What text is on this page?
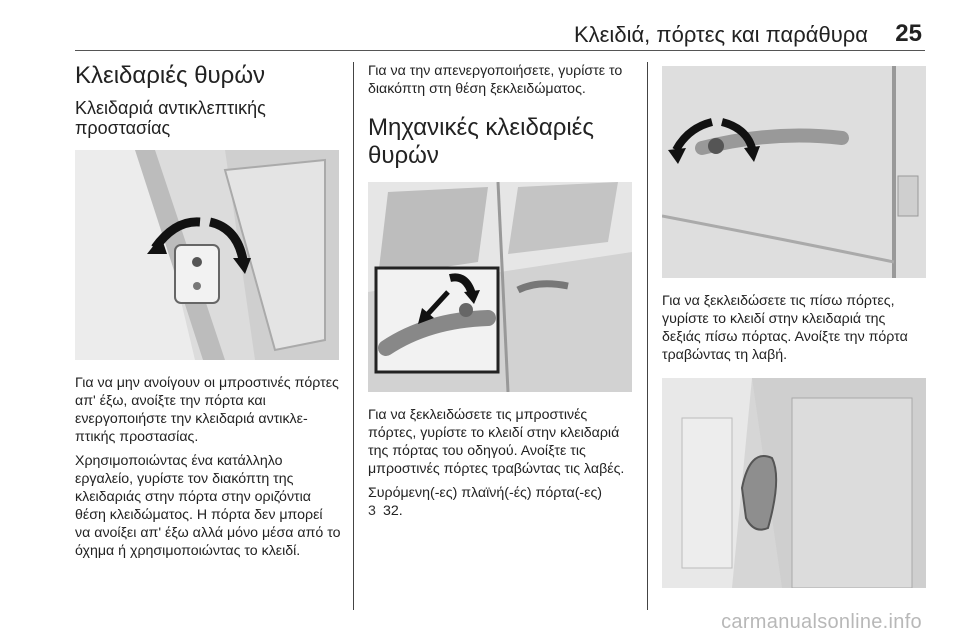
Κλειδιά, πόρτες και παράθυρα 25
Κλειδαριές θυρών
Κλειδαριά αντικλεπτικής
προστασίας

Για να μην ανοίγουν οι μπροστινές πόρτες απ' έξω, ανοίξτε την πόρτα και ενεργοποιήστε την κλειδαριά αντικλεπτικής προστασίας.

Χρησιμοποιώντας ένα κατάλληλο εργαλείο, γυρίστε τον διακόπτη της κλειδαριάς στην πόρτα στην οριζόντια θέση κλειδώματος. Η πόρτα δεν μπορεί να ανοίξει απ' έξω αλλά μόνο μέσα από το όχημα ή χρησιμοποιώντας το κλειδί.

Για να την απενεργοποιήσετε, γυρίστε το διακόπτη στη θέση ξεκλειδώματος.

Μηχανικές κλειδαριές
θυρών

Για να ξεκλειδώσετε τις μπροστινές πόρτες, γυρίστε το κλειδί στην κλειδαριά της πόρτας του οδηγού. Ανοίξτε τις μπροστινές πόρτες τραβώντας τις λαβές.

Συρόμενη(-ες) πλαϊνή(-ές) πόρτα(-ες)
3 32.

Για να ξεκλειδώσετε τις πίσω πόρτες, γυρίστε το κλειδί στην κλειδαριά της δεξιάς πίσω πόρτας. Ανοίξτε την πόρτα τραβώντας τη λαβή.

carmanualsonline.info
